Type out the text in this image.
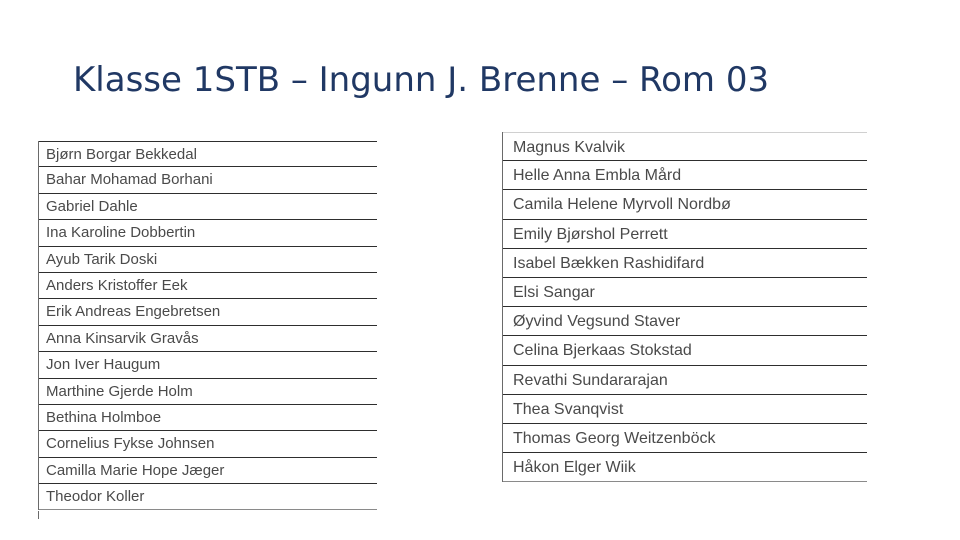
Klasse 1STB – Ingunn J. Brenne – Rom 03
Bjørn Borgar Bekkedal
Bahar Mohamad Borhani
Gabriel Dahle
Ina Karoline Dobbertin
Ayub Tarik Doski
Anders Kristoffer Eek
Erik Andreas Engebretsen
Anna Kinsarvik Gravås
Jon Iver Haugum
Marthine Gjerde Holm
Bethina Holmboe
Cornelius Fykse Johnsen
Camilla Marie Hope Jæger
Theodor Koller
Magnus Kvalvik
Helle Anna Embla Mård
Camila Helene Myrvoll Nordbø
Emily Bjørshol Perrett
Isabel Bækken Rashidifard
Elsi Sangar
Øyvind Vegsund Staver
Celina Bjerkaas Stokstad
Revathi Sundararajan
Thea Svanqvist
Thomas Georg Weitzenböck
Håkon Elger Wiik
